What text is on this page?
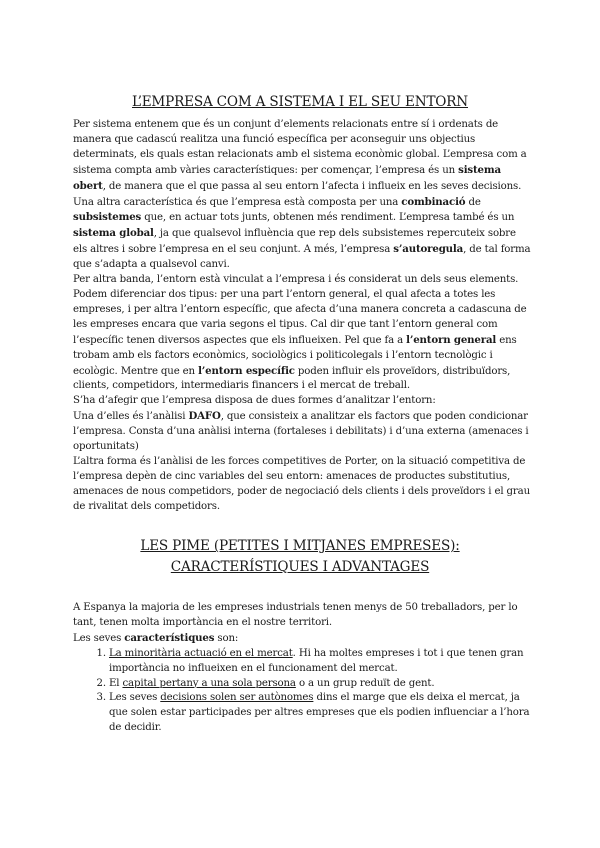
L’EMPRESA COM A SISTEMA I EL SEU ENTORN

Per sistema entenem que és un conjunt d’elements relacionats entre sí i ordenats de manera que cadascú realitza una funció específica per aconseguir uns objectius determinats, els quals estan relacionats amb el sistema econòmic global. L’empresa com a sistema compta amb vàries característiques: per començar, l’empresa és un sistema obert, de manera que el que passa al seu entorn l’afecta i influeix en les seves decisions. Una altra característica és que l’empresa està composta per una combinació de subsistemes que, en actuar tots junts, obtenen més rendiment. L’empresa també és un sistema global, ja que qualsevol influència que rep dels subsistemes repercuteix sobre els altres i sobre l’empresa en el seu conjunt. A més, l’empresa s’autoregula, de tal forma que s’adapta a qualsevol canvi.

Per altra banda, l’entorn està vinculat a l’empresa i és considerat un dels seus elements. Podem diferenciar dos tipus: per una part l’entorn general, el qual afecta a totes les empreses, i per altra l’entorn específic, que afecta d’una manera concreta a cadascuna de les empreses encara que varia segons el tipus. Cal dir que tant l’entorn general com l’específic tenen diversos aspectes que els influeixen. Pel que fa a l’entorn general ens trobam amb els factors econòmics, sociològics i politicolegals i l’entorn tecnològic i ecològic. Mentre que en l’entorn específic poden influir els proveïdors, distribuïdors, clients, competidors, intermediaris financers i el mercat de treball.

S’ha d’afegir que l’empresa disposa de dues formes d’analitzar l’entorn:

Una d’elles és l’anàlisi DAFO, que consisteix a analitzar els factors que poden condicionar l’empresa. Consta d’una anàlisi interna (fortaleses i debilitats) i d’una externa (amenaces i oportunitats)

L’altra forma és l’anàlisi de les forces competitives de Porter, on la situació competitiva de l’empresa depèn de cinc variables del seu entorn: amenaces de productes substitutius, amenaces de nous competidors, poder de negociació dels clients i dels proveïdors i el grau de rivalitat dels competidors.

LES PIME (PETITES I MITJANES EMPRESES):
CARACTERÍSTIQUES I ADVANTAGES

A Espanya la majoria de les empreses industrials tenen menys de 50 treballadors, per lo tant, tenen molta importància en el nostre territori.

Les seves característiques son:

1. La minoritària actuació en el mercat. Hi ha moltes empreses i tot i que tenen gran importància no influeixen en el funcionament del mercat.
2. El capital pertany a una sola persona o a un grup reduït de gent.
3. Les seves decisions solen ser autònomes dins el marge que els deixa el mercat, ja que solen estar participades per altres empreses que els podien influenciar a l’hora de decidir.
